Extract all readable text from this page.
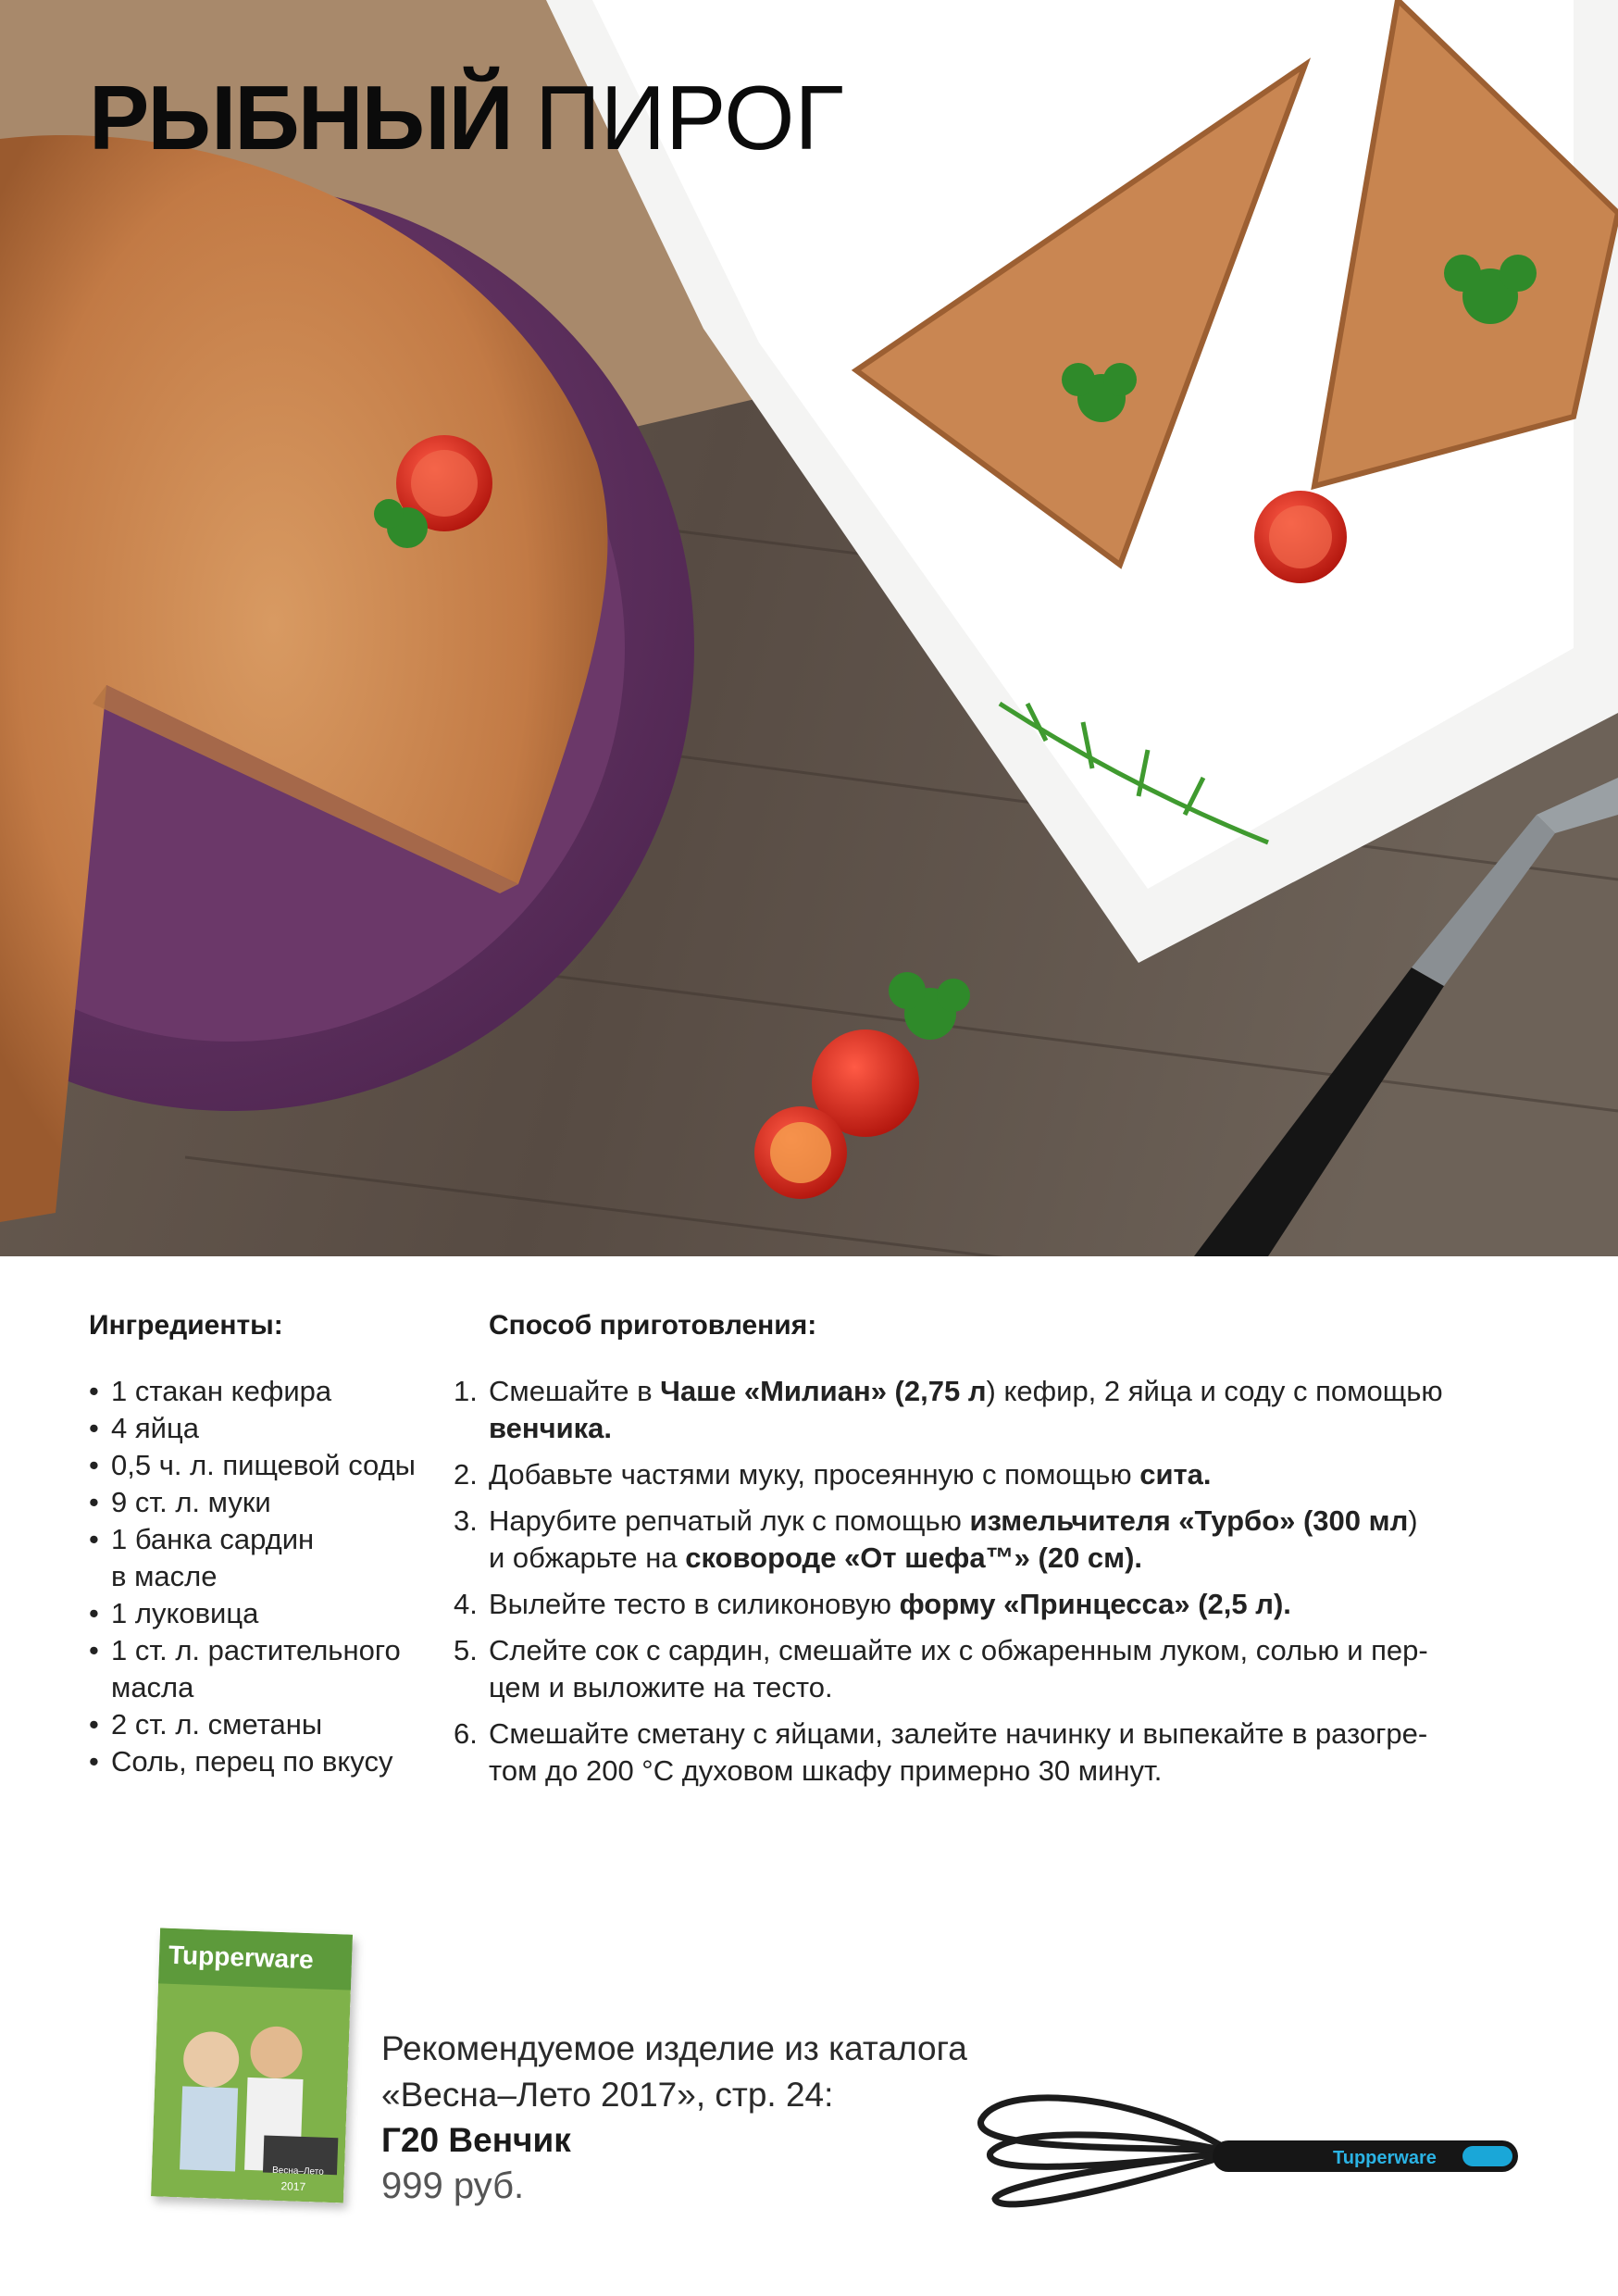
РЫБНЫЙ ПИРОГ
Ингредиенты:
• 1 стакан кефира
• 4 яйца
• 0,5 ч. л. пищевой соды
• 9 ст. л. муки
• 1 банка сардин
в масле
• 1 луковица
• 1 ст. л. растительного
масла
• 2 ст. л. сметаны
• Соль, перец по вкусу
Способ приготовления:
1. Смешайте в Чаше «Милиан» (2,75 л) кефир, 2 яйца и соду с помощью
венчика.
2. Добавьте частями муку, просеянную с помощью сита.
3. Нарубите репчатый лук с помощью измельчителя «Турбо» (300 мл)
и обжарьте на сковороде «От шефа™» (20 см).
4. Вылейте тесто в силиконовую форму «Принцесса» (2,5 л).
5. Слейте сок с сардин, смешайте их с обжаренным луком, солью и пер-
цем и выложите на тесто.
6. Смешайте сметану с яйцами, залейте начинку и выпекайте в разогре-
том до 200 °C духовом шкафу примерно 30 минут.
Tupperware
Весна–Лето
2017
Рекомендуемое изделие из каталога
«Весна–Лето 2017», стр. 24:
Г20 Венчик
999 руб.
Tupperware
